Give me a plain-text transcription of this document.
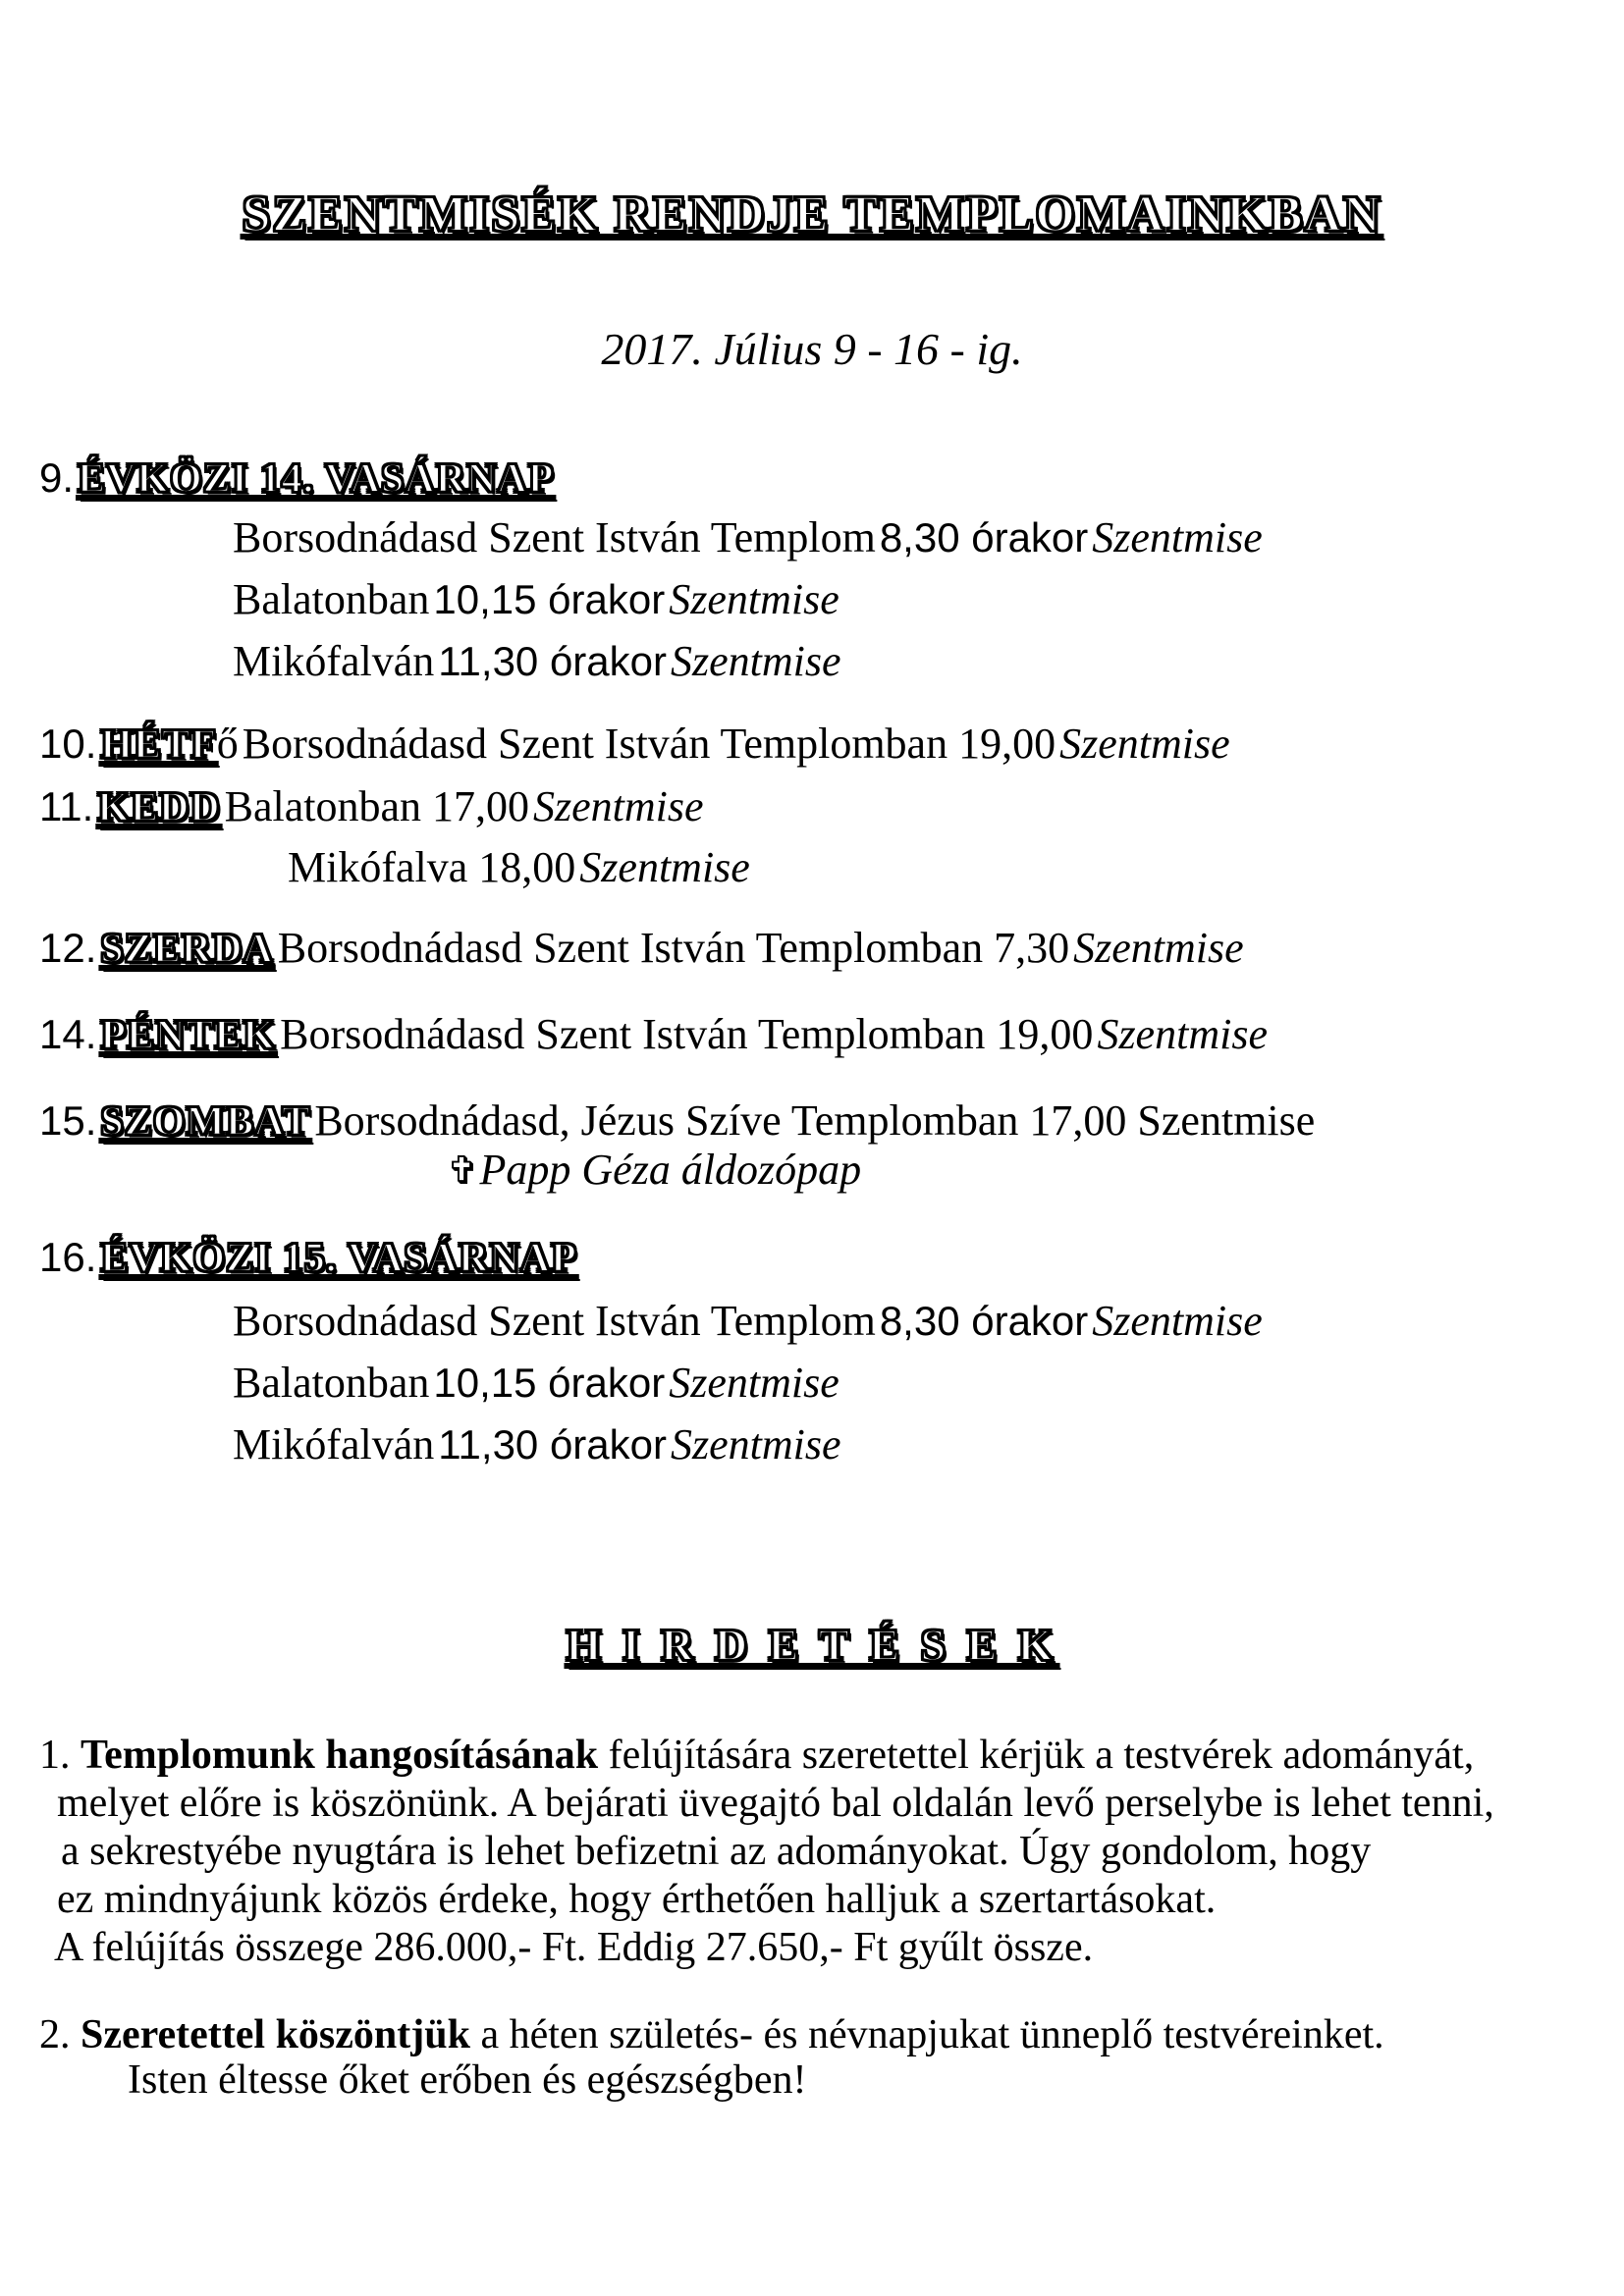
SZENTMISÉK RENDJE TEMPLOMAINKBAN
2017. Július 9 - 16 - ig.
9. ÉVKÖZI 14. VASÁRNAP
Borsodnádasd Szent István Templom 8,30 órakor Szentmise
Balatonban 10,15 órakor Szentmise
Mikófalván 11,30 órakor Szentmise
10. HÉTFő Borsodnádasd Szent István Templomban 19,00 Szentmise
11. KEDD Balatonban 17,00 Szentmise
Mikófalva 18,00 Szentmise
12. SZERDA Borsodnádasd Szent István Templomban 7,30 Szentmise
14. PÉNTEK Borsodnádasd Szent István Templomban 19,00 Szentmise
15. SZOMBAT Borsodnádasd, Jézus Szíve Templomban 17,00 Szentmise
✞Papp Géza áldozópap
16. ÉVKÖZI 15. VASÁRNAP
Borsodnádasd Szent István Templom 8,30 órakor Szentmise
Balatonban 10,15 órakor Szentmise
Mikófalván 11,30 órakor Szentmise
H I R D E T É S E K
1. Templomunk hangosításának felújítására szeretettel kérjük a testvérek adományát,
melyet előre is köszönünk. A bejárati üvegajtó bal oldalán levő perselybe is lehet tenni,
a sekrestyébe nyugtára is lehet befizetni az adományokat. Úgy gondolom, hogy
ez mindnyájunk közös érdeke, hogy érthetően halljuk a szertartásokat.
A felújítás összege 286.000,- Ft. Eddig 27.650,- Ft gyűlt össze.
2. Szeretettel köszöntjük a héten születés- és névnapjukat ünneplő testvéreinket.
Isten éltesse őket erőben és egészségben!
